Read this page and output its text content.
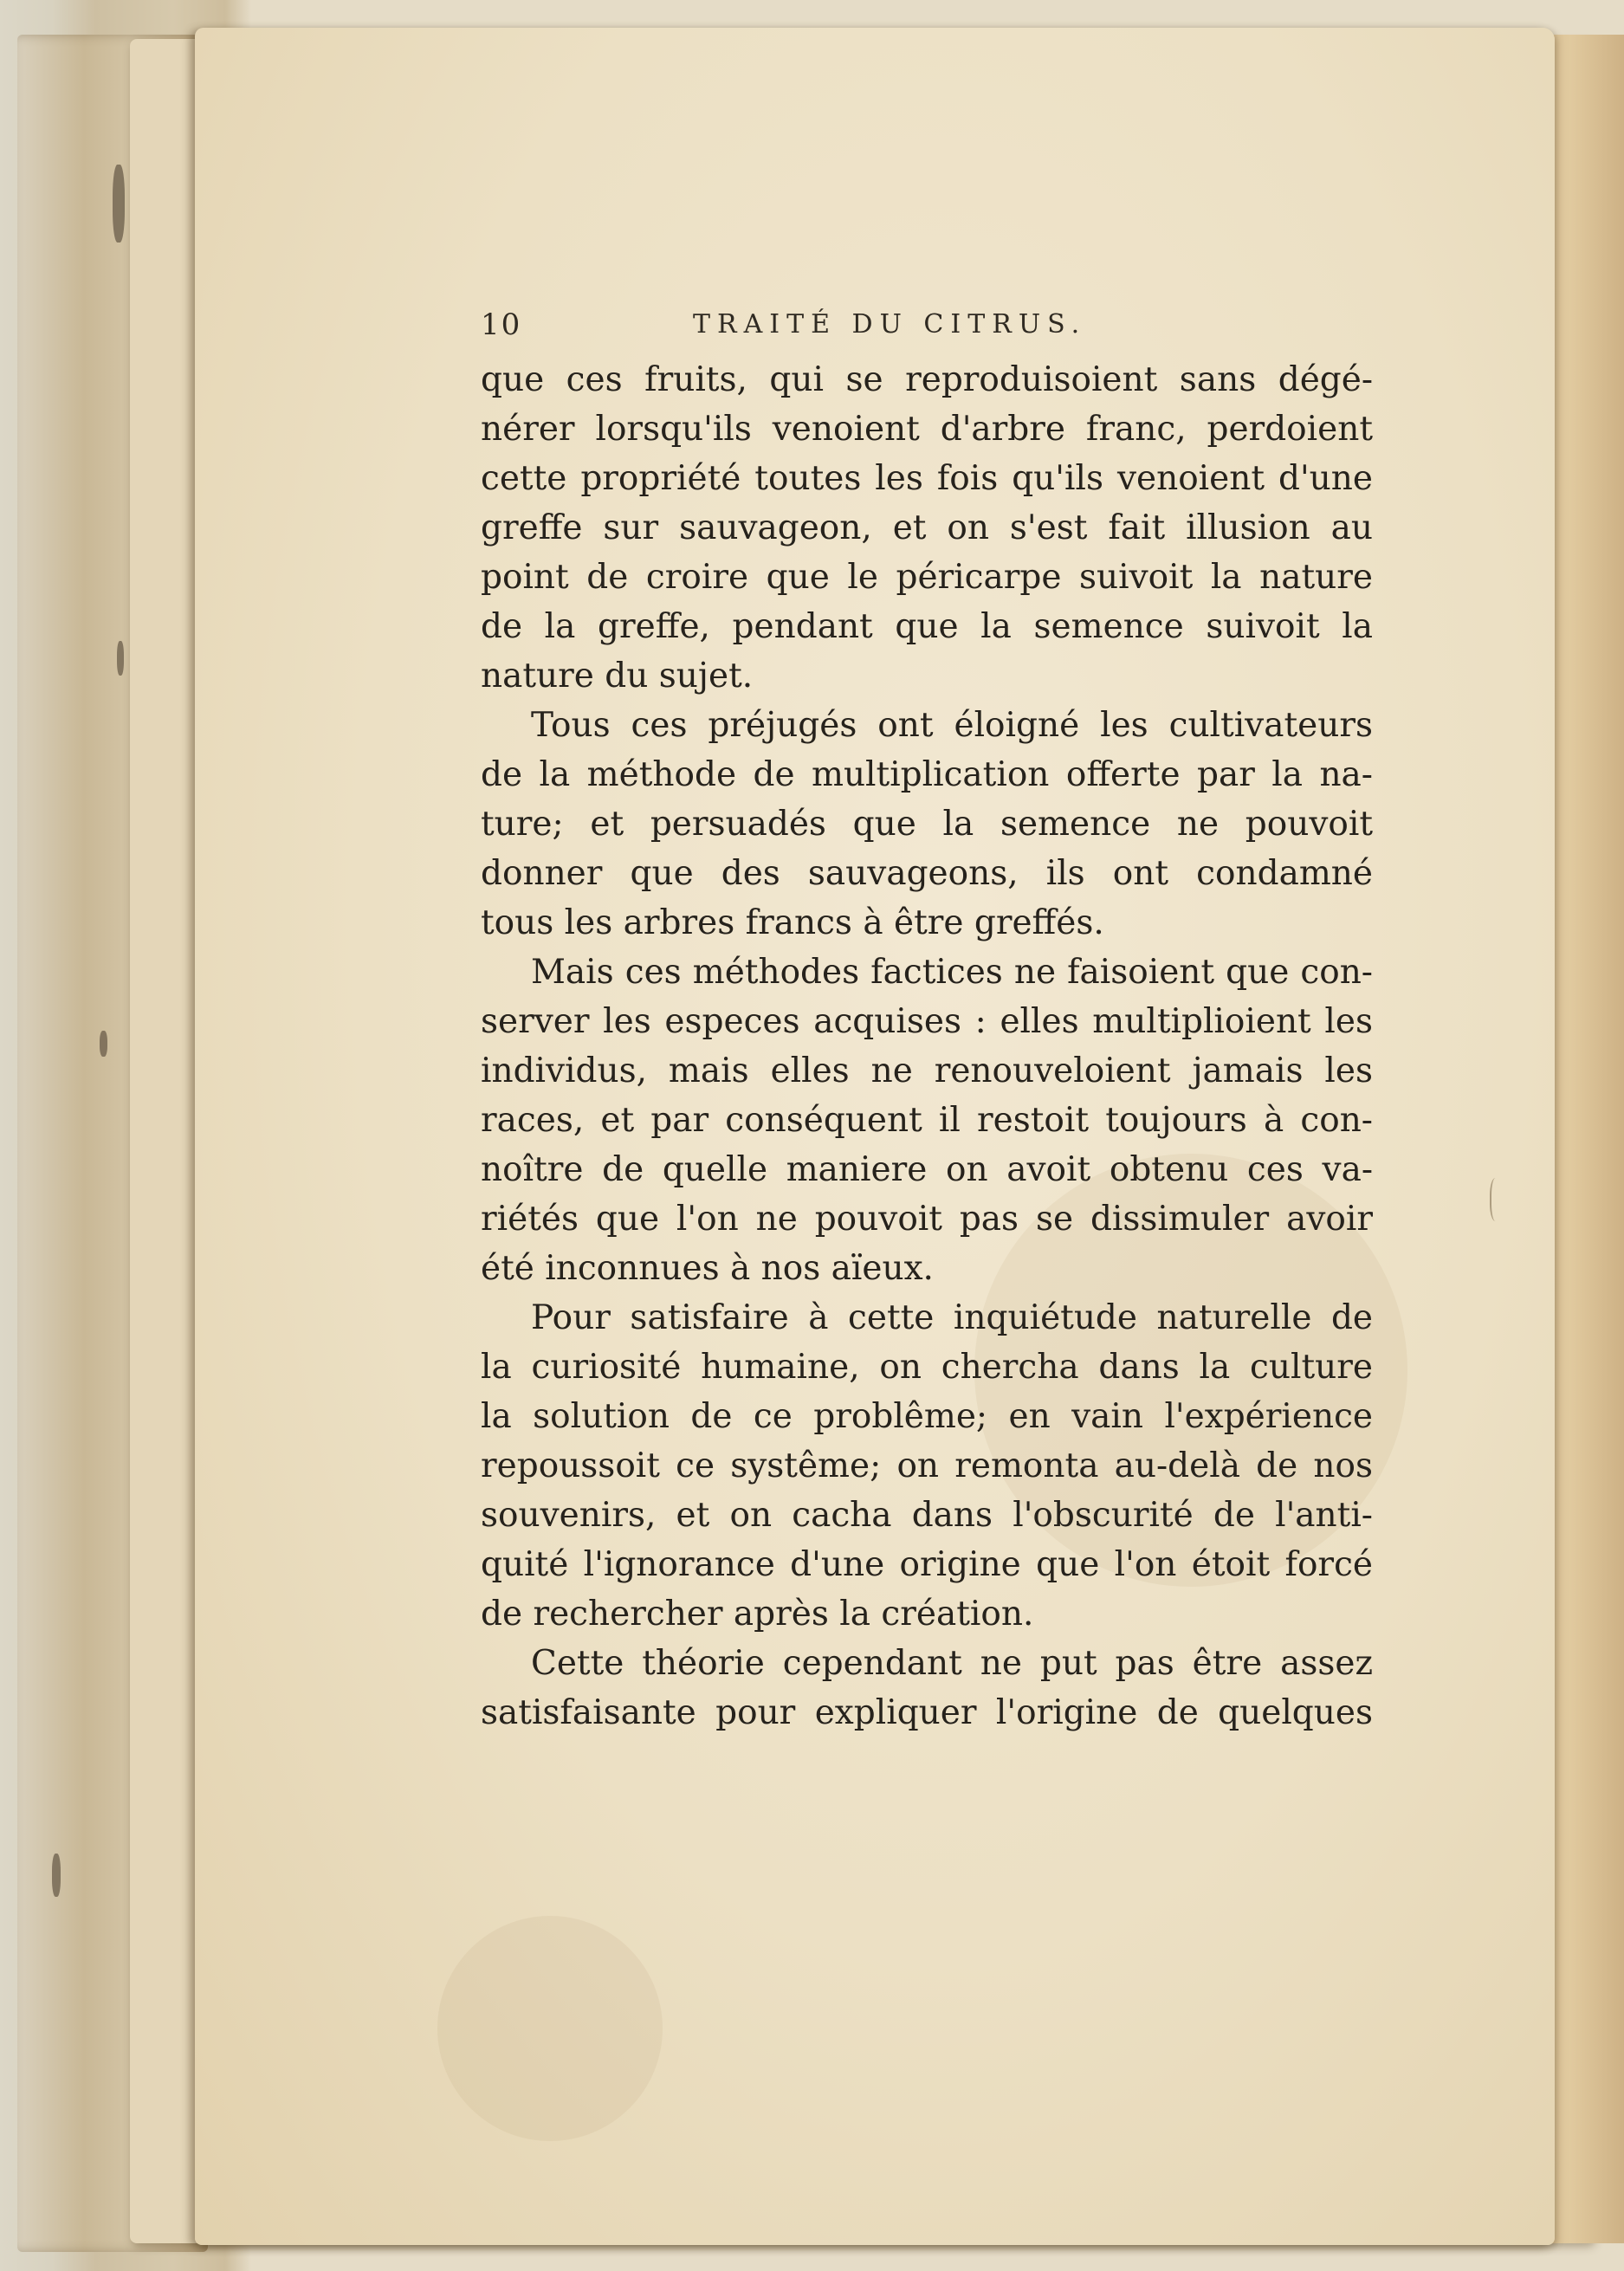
10	TRAITÉ DU CITRUS.
que ces fruits, qui se reproduisoient sans dégé-
nérer lorsqu'ils venoient d'arbre franc, perdoient
cette propriété toutes les fois qu'ils venoient d'une
greffe sur sauvageon, et on s'est fait illusion au
point de croire que le péricarpe suivoit la nature
de la greffe, pendant que la semence suivoit la
nature du sujet.
Tous ces préjugés ont éloigné les cultivateurs
de la méthode de multiplication offerte par la na-
ture; et persuadés que la semence ne pouvoit
donner que des sauvageons, ils ont condamné
tous les arbres francs à être greffés.
Mais ces méthodes factices ne faisoient que con-
server les especes acquises : elles multiplioient les
individus, mais elles ne renouveloient jamais les
races, et par conséquent il restoit toujours à con-
noître de quelle maniere on avoit obtenu ces va-
riétés que l'on ne pouvoit pas se dissimuler avoir
été inconnues à nos aïeux.
Pour satisfaire à cette inquiétude naturelle de
la curiosité humaine, on chercha dans la culture
la solution de ce problême; en vain l'expérience
repoussoit ce systême; on remonta au-delà de nos
souvenirs, et on cacha dans l'obscurité de l'anti-
quité l'ignorance d'une origine que l'on étoit forcé
de rechercher après la création.
Cette théorie cependant ne put pas être assez
satisfaisante pour expliquer l'origine de quelques
